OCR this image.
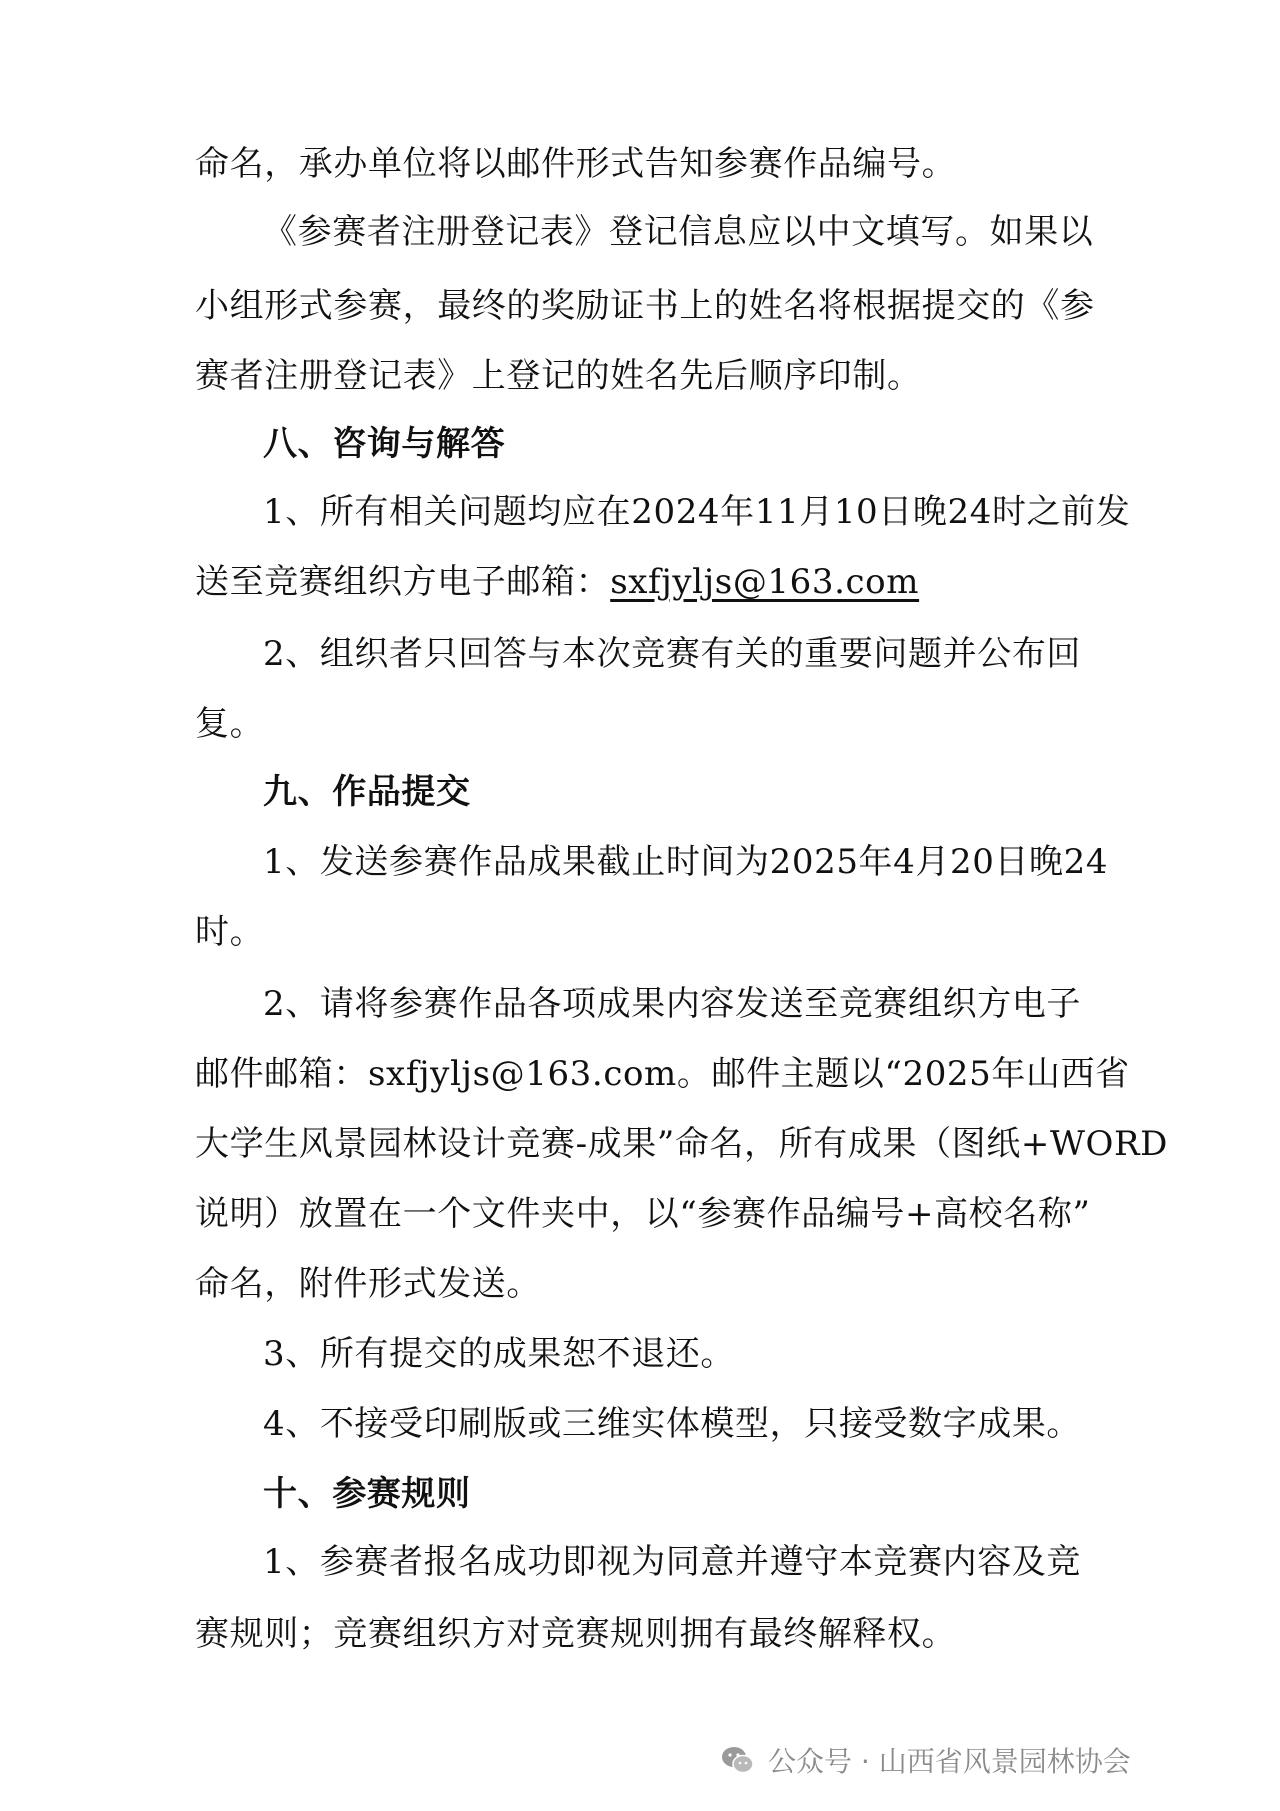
命名，承办单位将以邮件形式告知参赛作品编号。
《参赛者注册登记表》登记信息应以中文填写。如果以
小组形式参赛，最终的奖励证书上的姓名将根据提交的《参
赛者注册登记表》上登记的姓名先后顺序印制。
八、咨询与解答
1、所有相关问题均应在2024年11月10日晚24时之前发
送至竞赛组织方电子邮箱：sxfjyljs@163.com
2、组织者只回答与本次竞赛有关的重要问题并公布回
复。
九、作品提交
1、发送参赛作品成果截止时间为2025年4月20日晚24
时。
2、请将参赛作品各项成果内容发送至竞赛组织方电子
邮件邮箱：sxfjyljs@163.com。邮件主题以“2025年山西省
大学生风景园林设计竞赛-成果”命名，所有成果（图纸+WORD
说明）放置在一个文件夹中，以“参赛作品编号+高校名称”
命名，附件形式发送。
3、所有提交的成果恕不退还。
4、不接受印刷版或三维实体模型，只接受数字成果。
十、参赛规则
1、参赛者报名成功即视为同意并遵守本竞赛内容及竞
赛规则；竞赛组织方对竞赛规则拥有最终解释权。
公众号 · 山西省风景园林协会
